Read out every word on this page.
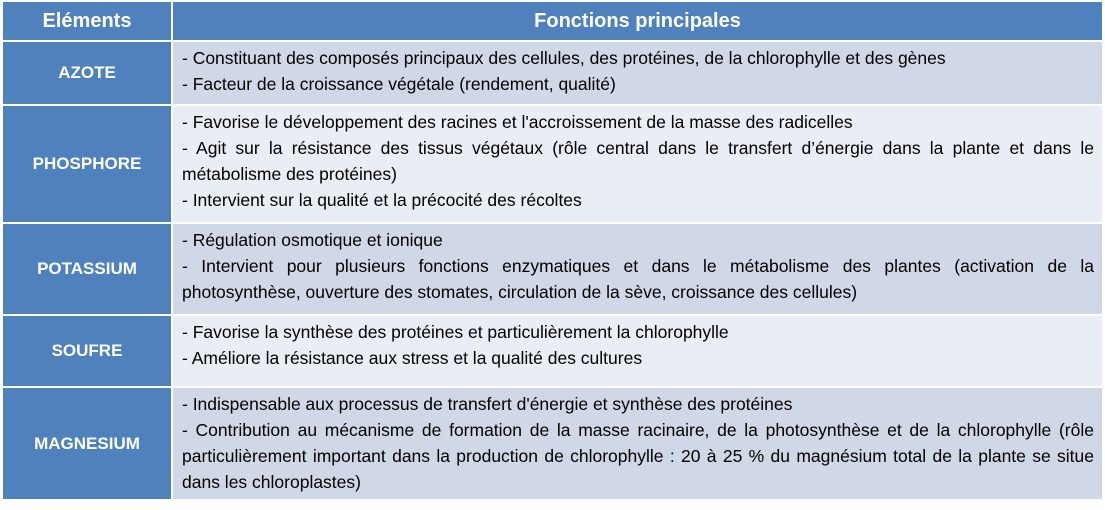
Eléments	Fonctions principales
AZOTE	- Constituant des composés principaux des cellules, des protéines, de la chlorophylle et des gènes
- Facteur de la croissance végétale (rendement, qualité)

PHOSPHORE	- Favorise le développement des racines et l'accroissement de la masse des radicelles
- Agit sur la résistance des tissus végétaux (rôle central dans le transfert d’énergie dans la plante et dans le métabolisme des protéines)
- Intervient sur la qualité et la précocité des récoltes

POTASSIUM	- Régulation osmotique et ionique
- Intervient pour plusieurs fonctions enzymatiques et dans le métabolisme des plantes (activation de la photosynthèse, ouverture des stomates, circulation de la sève, croissance des cellules)

SOUFRE	- Favorise la synthèse des protéines et particulièrement la chlorophylle
- Améliore la résistance aux stress et la qualité des cultures

MAGNESIUM	- Indispensable aux processus de transfert d'énergie et synthèse des protéines
- Contribution au mécanisme de formation de la masse racinaire, de la photosynthèse et de la chlorophylle (rôle particulièrement important dans la production de chlorophylle : 20 à 25 % du magnésium total de la plante se situe dans les chloroplastes)
